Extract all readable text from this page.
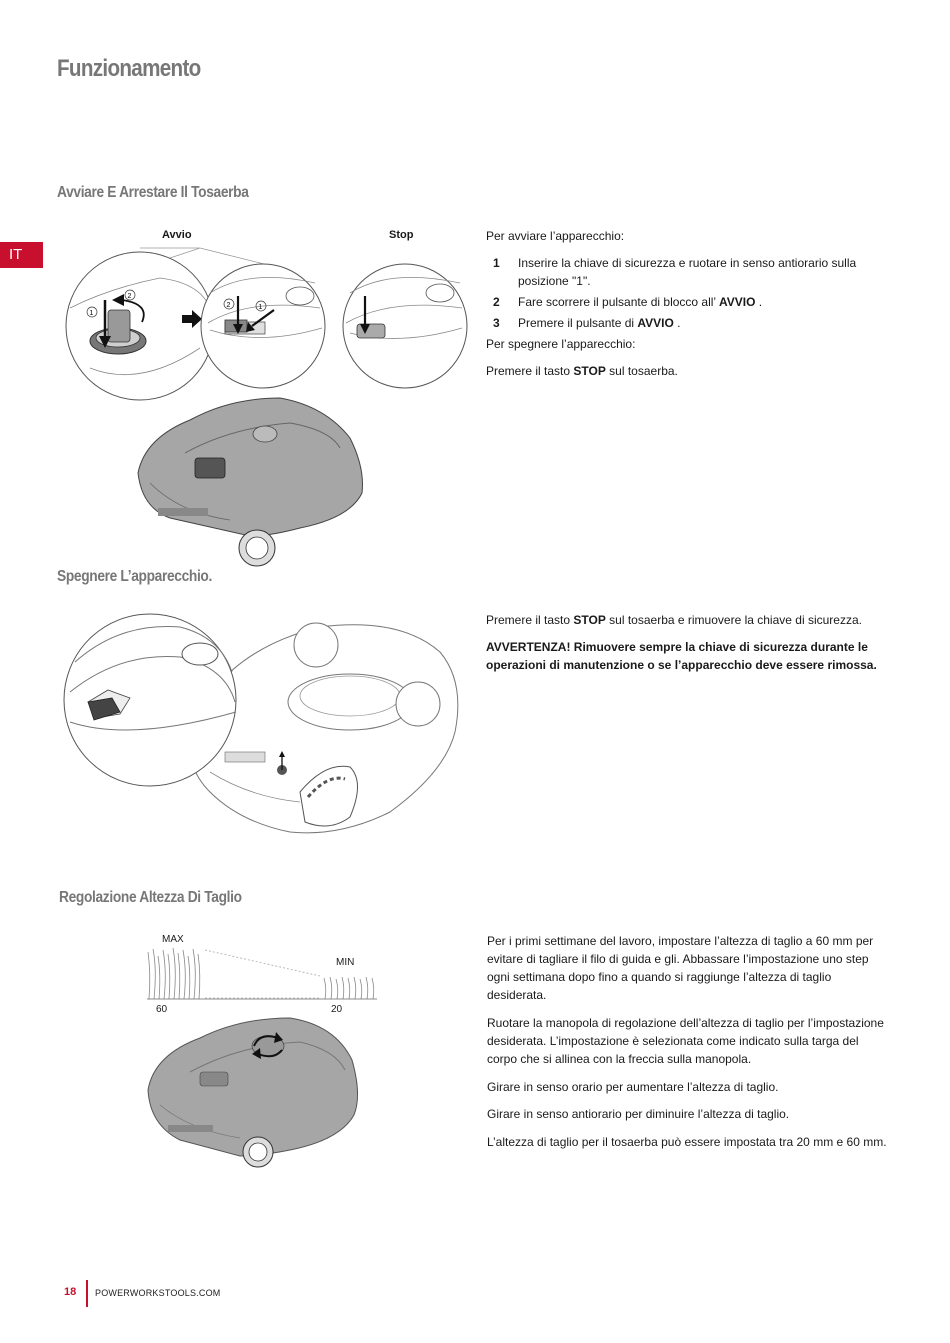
Funzionamento
IT
Avviare E Arrestare Il Tosaerba
Avvio	Stop
1
2
2	1
Per avviare l’apparecchio:
1 Inserire la chiave di sicurezza e ruotare in senso antiorario sulla posizione "1".
2 Fare scorrere il pulsante di blocco all’ AVVIO .
3 Premere il pulsante di AVVIO .
Per spegnere l’apparecchio:
Premere il tasto STOP sul tosaerba.
Spegnere L’apparecchio.
Premere il tasto STOP sul tosaerba e rimuovere la chiave di sicurezza.
AVVERTENZA! Rimuovere sempre la chiave di sicurezza durante le operazioni di manutenzione o se l’apparecchio deve essere rimossa.
Regolazione Altezza Di Taglio
MAX
MIN
60	20
Per i primi settimane del lavoro, impostare l’altezza di taglio a 60 mm per evitare di tagliare il filo di guida e gli. Abbassare l’impostazione uno step ogni settimana dopo fino a quando si raggiunge l’altezza di taglio desiderata.
Ruotare la manopola di regolazione dell’altezza di taglio per l’impostazione desiderata. L’impostazione è selezionata come indicato sulla targa del corpo che si allinea con la freccia sulla manopola.
Girare in senso orario per aumentare l’altezza di taglio.
Girare in senso antiorario per diminuire l’altezza di taglio.
L’altezza di taglio per il tosaerba può essere impostata tra 20 mm e 60 mm.
18 POWERWORKSTOOLS.COM
